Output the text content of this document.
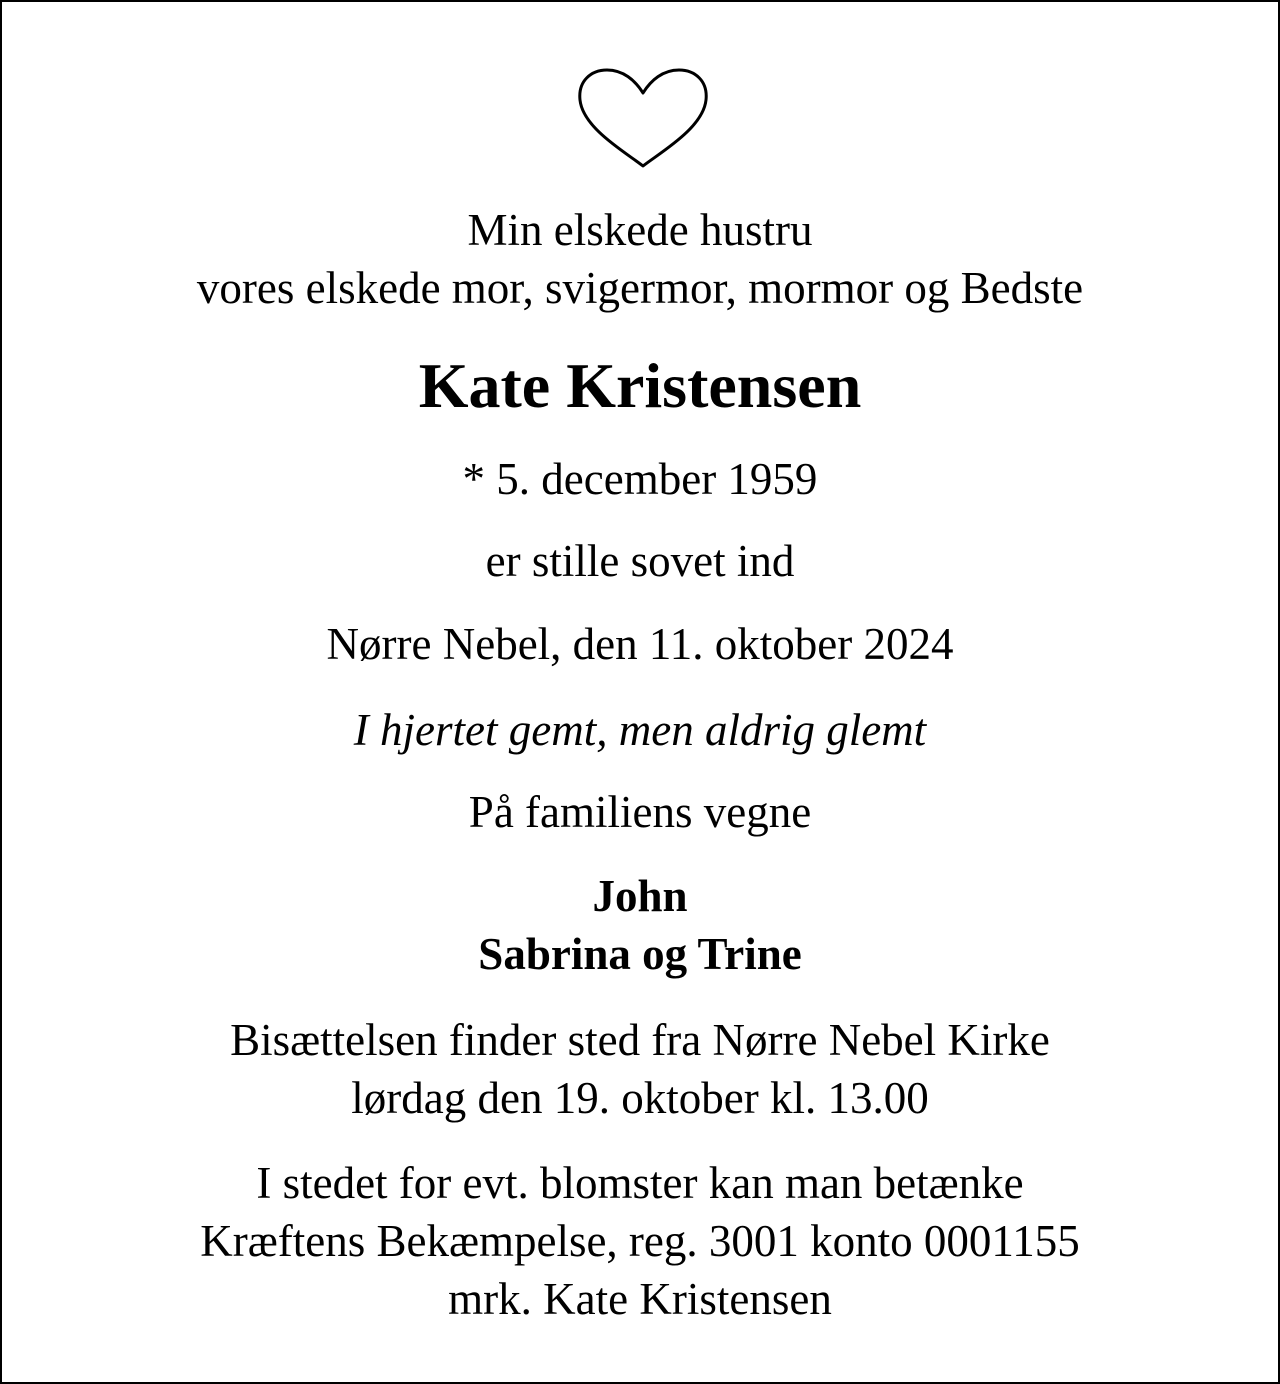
Min elskede hustru
vores elskede mor, svigermor, mormor og Bedste
Kate Kristensen
* 5. december 1959
er stille sovet ind
Nørre Nebel, den 11. oktober 2024
I hjertet gemt, men aldrig glemt
På familiens vegne
John
Sabrina og Trine
Bisættelsen finder sted fra Nørre Nebel Kirke
lørdag den 19. oktober kl. 13.00
I stedet for evt. blomster kan man betænke
Kræftens Bekæmpelse, reg. 3001 konto 0001155
mrk. Kate Kristensen
